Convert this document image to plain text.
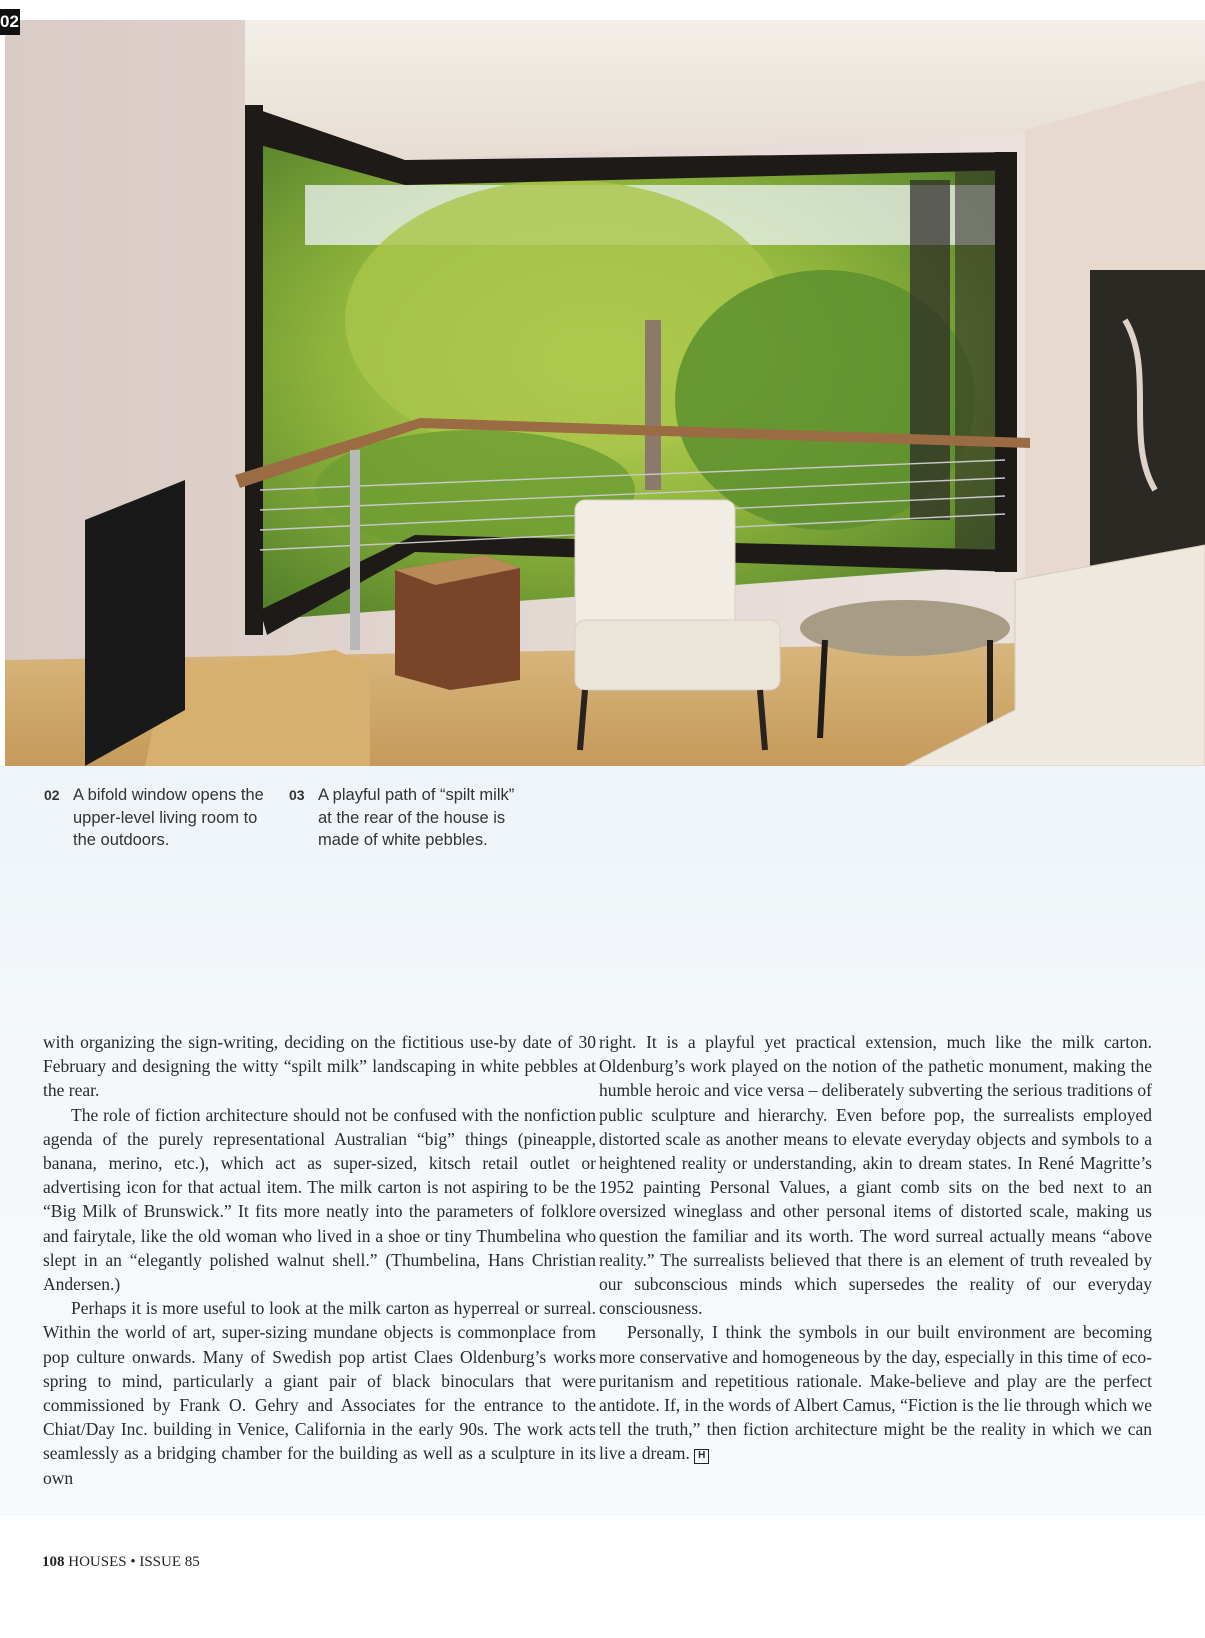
02
02 A bifold window opens the upper-level living room to the outdoors.
03 A playful path of “spilt milk” at the rear of the house is made of white pebbles.

with organizing the sign-writing, deciding on the fictitious use-by date of 30 February and designing the witty “spilt milk” landscaping in white pebbles at the rear.

The role of fiction architecture should not be confused with the nonfiction agenda of the purely representational Australian “big” things (pineapple, banana, merino, etc.), which act as super-sized, kitsch retail outlet or advertising icon for that actual item. The milk carton is not aspiring to be the “Big Milk of Brunswick.” It fits more neatly into the parameters of folklore and fairytale, like the old woman who lived in a shoe or tiny Thumbelina who slept in an “elegantly polished walnut shell.” (Thumbelina, Hans Christian Andersen.)

Perhaps it is more useful to look at the milk carton as hyperreal or surreal. Within the world of art, super-sizing mundane objects is commonplace from pop culture onwards. Many of Swedish pop artist Claes Oldenburg’s works spring to mind, particularly a giant pair of black binoculars that were commissioned by Frank O. Gehry and Associates for the entrance to the Chiat/Day Inc. building in Venice, California in the early 90s. The work acts seamlessly as a bridging chamber for the building as well as a sculpture in its own

right. It is a playful yet practical extension, much like the milk carton. Oldenburg’s work played on the notion of the pathetic monument, making the humble heroic and vice versa – deliberately subverting the serious traditions of public sculpture and hierarchy. Even before pop, the surrealists employed distorted scale as another means to elevate everyday objects and symbols to a heightened reality or understanding, akin to dream states. In René Magritte’s 1952 painting Personal Values, a giant comb sits on the bed next to an oversized wineglass and other personal items of distorted scale, making us question the familiar and its worth. The word surreal actually means “above reality.” The surrealists believed that there is an element of truth revealed by our subconscious minds which supersedes the reality of our everyday consciousness.

Personally, I think the symbols in our built environment are becoming more conservative and homogeneous by the day, especially in this time of eco-puritanism and repetitious rationale. Make-believe and play are the perfect antidote. If, in the words of Albert Camus, “Fiction is the lie through which we tell the truth,” then fiction architecture might be the reality in which we can live a dream. H

108 HOUSES • ISSUE 85
